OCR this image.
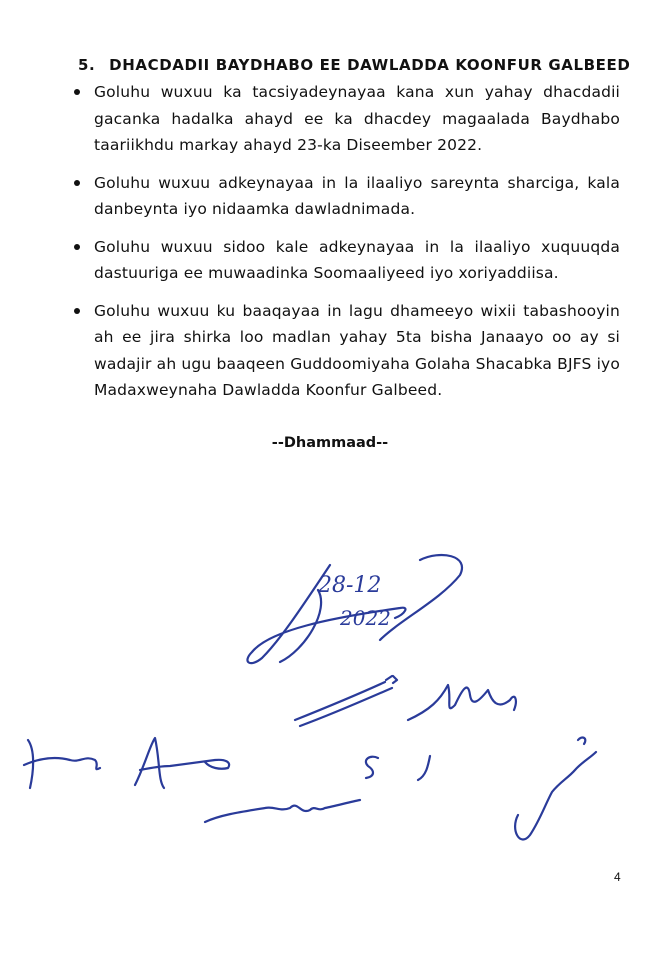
5. DHACDADII BAYDHABO EE DAWLADDA KOONFUR GALBEED
Goluhu wuxuu ka tacsiyadeynayaa kana xun yahay dhacdadii gacanka hadalka ahayd ee ka dhacdey magaalada Baydhabo taariikhdu markay ahayd 23-ka Diseember 2022.
Goluhu wuxuu adkeynayaa in la ilaaliyo sareynta sharciga, kala danbeynta iyo nidaamka dawladnimada.
Goluhu wuxuu sidoo kale adkeynayaa in la ilaaliyo xuquuqda dastuuriga ee muwaadinka Soomaaliyeed iyo xoriyaddiisa.
Goluhu wuxuu ku baaqayaa in lagu dhameeyo wixii tabashooyin ah ee jira shirka loo madlan yahay 5ta bisha Janaayo oo ay si wadajir ah ugu baaqeen Guddoomiyaha Golaha Shacabka BJFS iyo Madaxweynaha Dawladda Koonfur Galbeed.
--Dhammaad--
28-12
2022
4
